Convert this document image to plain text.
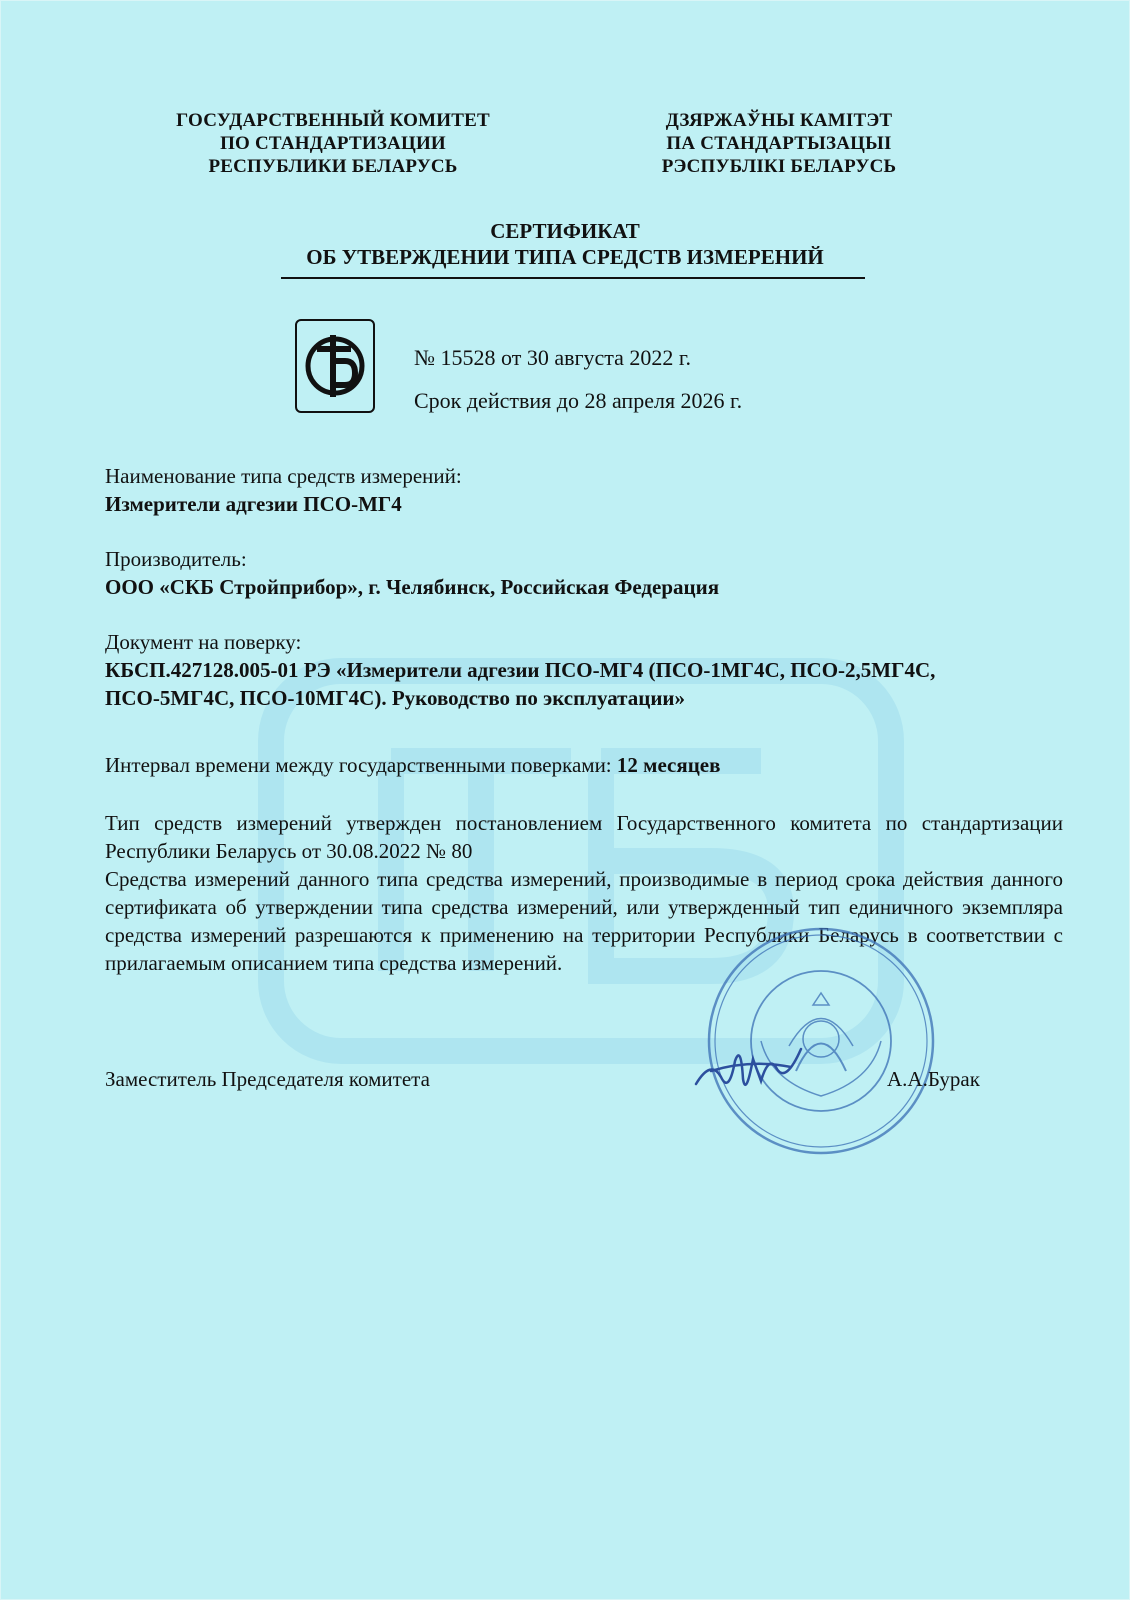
ГОСУДАРСТВЕННЫЙ КОМИТЕТ
ПО СТАНДАРТИЗАЦИИ
РЕСПУБЛИКИ БЕЛАРУСЬ
ДЗЯРЖАЎНЫ КАМІТЭТ
ПА СТАНДАРТЫЗАЦЫІ
РЭСПУБЛІКІ БЕЛАРУСЬ
СЕРТИФИКАТ
ОБ УТВЕРЖДЕНИИ ТИПА СРЕДСТВ ИЗМЕРЕНИЙ
№ 15528 от 30 августа 2022 г.
Срок действия до 28 апреля 2026 г.
Наименование типа средств измерений:
Измерители адгезии ПСО-МГ4
Производитель:
ООО «СКБ Стройприбор», г. Челябинск, Российская Федерация
Документ на поверку:
КБСП.427128.005-01 РЭ «Измерители адгезии ПСО-МГ4 (ПСО-1МГ4С, ПСО-2,5МГ4С, ПСО-5МГ4С, ПСО-10МГ4С). Руководство по эксплуатации»
Интервал времени между государственными поверками: 12 месяцев
Тип средств измерений утвержден постановлением Государственного комитета по стандартизации Республики Беларусь от 30.08.2022 № 80
Средства измерений данного типа средства измерений, производимые в период срока действия данного сертификата об утверждении типа средства измерений, или утвержденный тип единичного экземпляра средства измерений разрешаются к применению на территории Республики Беларусь в соответствии с прилагаемым описанием типа средства измерений.
Заместитель Председателя комитета	А.А.Бурак
